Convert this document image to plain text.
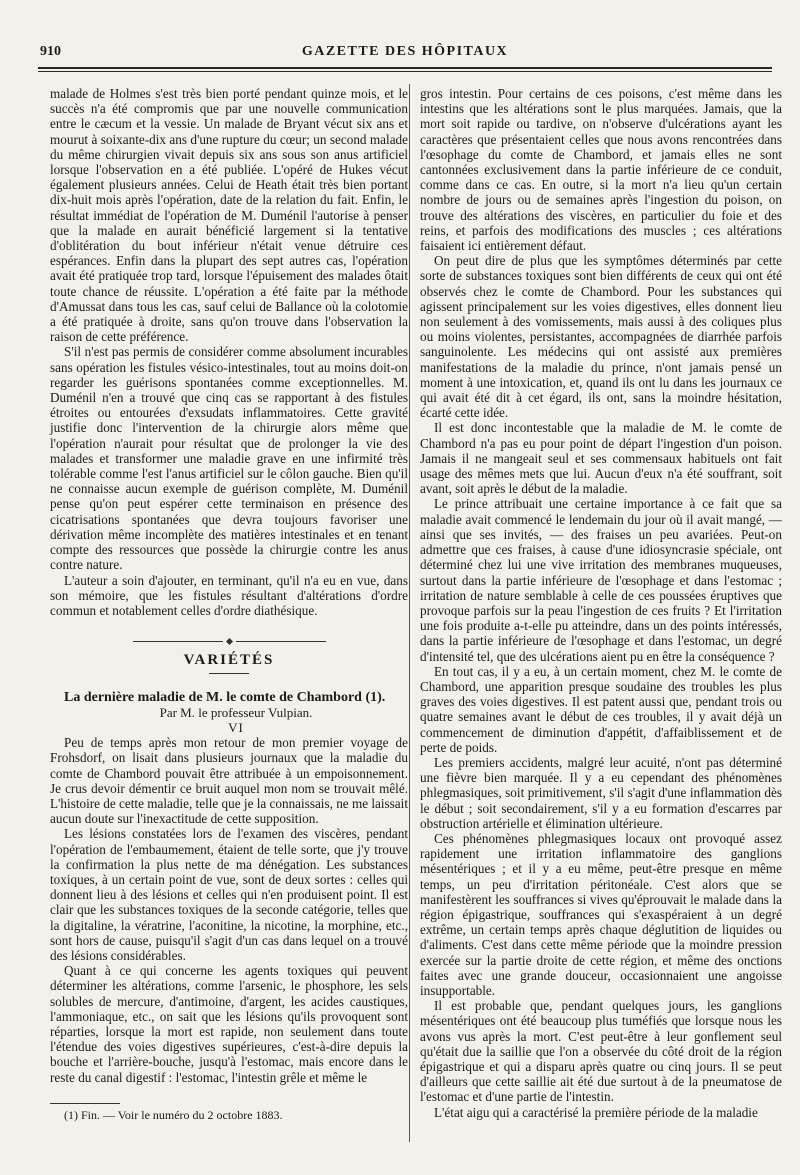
910	GAZETTE DES HÔPITAUX

malade de Holmes s'est très bien porté pendant quinze mois, et le succès n'a été compromis que par une nouvelle communication entre le cæcum et la vessie. Un malade de Bryant vécut six ans et mourut à soixante-dix ans d'une rupture du cœur; un second malade du même chirurgien vivait depuis six ans sous son anus artificiel lorsque l'observation en a été publiée. L'opéré de Hukes vécut également plusieurs années. Celui de Heath était très bien portant dix-huit mois après l'opération, date de la relation du fait. Enfin, le résultat immédiat de l'opération de M. Duménil l'autorise à penser que la malade en aurait bénéficié largement si la tentative d'oblitération du bout inférieur n'était venue détruire ces espérances. Enfin dans la plupart des sept autres cas, l'opération avait été pratiquée trop tard, lorsque l'épuisement des malades ôtait toute chance de réussite. L'opération a été faite par la méthode d'Amussat dans tous les cas, sauf celui de Ballance où la colotomie a été pratiquée à droite, sans qu'on trouve dans l'observation la raison de cette préférence.

S'il n'est pas permis de considérer comme absolument incurables sans opération les fistules vésico-intestinales, tout au moins doit-on regarder les guérisons spontanées comme exceptionnelles. M. Duménil n'en a trouvé que cinq cas se rapportant à des fistules étroites ou entourées d'exsudats inflammatoires. Cette gravité justifie donc l'intervention de la chirurgie alors même que l'opération n'aurait pour résultat que de prolonger la vie des malades et transformer une maladie grave en une infirmité très tolérable comme l'est l'anus artificiel sur le côlon gauche. Bien qu'il ne connaisse aucun exemple de guérison complète, M. Duménil pense qu'on peut espérer cette terminaison en présence des cicatrisations spontanées que devra toujours favoriser une dérivation même incomplète des matières intestinales et en tenant compte des ressources que possède la chirurgie contre les anus contre nature.

L'auteur a soin d'ajouter, en terminant, qu'il n'a eu en vue, dans son mémoire, que les fistules résultant d'altérations d'ordre commun et notablement celles d'ordre diathésique.

VARIÉTÉS

La dernière maladie de M. le comte de Chambord (1).

Par M. le professeur Vulpian.

VI

Peu de temps après mon retour de mon premier voyage de Frohsdorf, on lisait dans plusieurs journaux que la maladie du comte de Chambord pouvait être attribuée à un empoisonnement. Je crus devoir démentir ce bruit auquel mon nom se trouvait mêlé. L'histoire de cette maladie, telle que je la connaissais, ne me laissait aucun doute sur l'inexactitude de cette supposition.

Les lésions constatées lors de l'examen des viscères, pendant l'opération de l'embaumement, étaient de telle sorte, que j'y trouve la confirmation la plus nette de ma dénégation. Les substances toxiques, à un certain point de vue, sont de deux sortes : celles qui donnent lieu à des lésions et celles qui n'en produisent point. Il est clair que les substances toxiques de la seconde catégorie, telles que la digitaline, la vératrine, l'aconitine, la nicotine, la morphine, etc., sont hors de cause, puisqu'il s'agit d'un cas dans lequel on a trouvé des lésions considérables.

Quant à ce qui concerne les agents toxiques qui peuvent déterminer les altérations, comme l'arsenic, le phosphore, les sels solubles de mercure, d'antimoine, d'argent, les acides caustiques, l'ammoniaque, etc., on sait que les lésions qu'ils provoquent sont réparties, lorsque la mort est rapide, non seulement dans toute l'étendue des voies digestives supérieures, c'est-à-dire depuis la bouche et l'arrière-bouche, jusqu'à l'estomac, mais encore dans le reste du canal digestif : l'estomac, l'intestin grêle et même le

(1) Fin. — Voir le numéro du 2 octobre 1883.

gros intestin. Pour certains de ces poisons, c'est même dans les intestins que les altérations sont le plus marquées. Jamais, que la mort soit rapide ou tardive, on n'observe d'ulcérations ayant les caractères que présentaient celles que nous avons rencontrées dans l'œsophage du comte de Chambord, et jamais elles ne sont cantonnées exclusivement dans la partie inférieure de ce conduit, comme dans ce cas. En outre, si la mort n'a lieu qu'un certain nombre de jours ou de semaines après l'ingestion du poison, on trouve des altérations des viscères, en particulier du foie et des reins, et parfois des modifications des muscles ; ces altérations faisaient ici entièrement défaut.

On peut dire de plus que les symptômes déterminés par cette sorte de substances toxiques sont bien différents de ceux qui ont été observés chez le comte de Chambord. Pour les substances qui agissent principalement sur les voies digestives, elles donnent lieu non seulement à des vomissements, mais aussi à des coliques plus ou moins violentes, persistantes, accompagnées de diarrhée parfois sanguinolente. Les médecins qui ont assisté aux premières manifestations de la maladie du prince, n'ont jamais pensé un moment à une intoxication, et, quand ils ont lu dans les journaux ce qui avait été dit à cet égard, ils ont, sans la moindre hésitation, écarté cette idée.

Il est donc incontestable que la maladie de M. le comte de Chambord n'a pas eu pour point de départ l'ingestion d'un poison. Jamais il ne mangeait seul et ses commensaux habituels ont fait usage des mêmes mets que lui. Aucun d'eux n'a été souffrant, soit avant, soit après le début de la maladie.

Le prince attribuait une certaine importance à ce fait que sa maladie avait commencé le lendemain du jour où il avait mangé, — ainsi que ses invités, — des fraises un peu avariées. Peut-on admettre que ces fraises, à cause d'une idiosyncrasie spéciale, ont déterminé chez lui une vive irritation des membranes muqueuses, surtout dans la partie inférieure de l'œsophage et dans l'estomac ; irritation de nature semblable à celle de ces poussées éruptives que provoque parfois sur la peau l'ingestion de ces fruits ? Et l'irritation une fois produite a-t-elle pu atteindre, dans un des points intéressés, dans la partie inférieure de l'œsophage et dans l'estomac, un degré d'intensité tel, que des ulcérations aient pu en être la conséquence ?

En tout cas, il y a eu, à un certain moment, chez M. le comte de Chambord, une apparition presque soudaine des troubles les plus graves des voies digestives. Il est patent aussi que, pendant trois ou quatre semaines avant le début de ces troubles, il y avait déjà un commencement de diminution d'appétit, d'affaiblissement et de perte de poids.

Les premiers accidents, malgré leur acuité, n'ont pas déterminé une fièvre bien marquée. Il y a eu cependant des phénomènes phlegmasiques, soit primitivement, s'il s'agit d'une inflammation dès le début ; soit secondairement, s'il y a eu formation d'escarres par obstruction artérielle et élimination ultérieure.

Ces phénomènes phlegmasiques locaux ont provoqué assez rapidement une irritation inflammatoire des ganglions mésentériques ; et il y a eu même, peut-être presque en même temps, un peu d'irritation péritonéale. C'est alors que se manifestèrent les souffrances si vives qu'éprouvait le malade dans la région épigastrique, souffrances qui s'exaspéraient à un degré extrême, un certain temps après chaque déglutition de liquides ou d'aliments. C'est dans cette même période que la moindre pression exercée sur la partie droite de cette région, et même des onctions faites avec une grande douceur, occasionnaient une angoisse insupportable.

Il est probable que, pendant quelques jours, les ganglions mésentériques ont été beaucoup plus tuméfiés que lorsque nous les avons vus après la mort. C'est peut-être à leur gonflement seul qu'était due la saillie que l'on a observée du côté droit de la région épigastrique et qui a disparu après quatre ou cinq jours. Il se peut d'ailleurs que cette saillie ait été due surtout à de la pneumatose de l'estomac et d'une partie de l'intestin.

L'état aigu qui a caractérisé la première période de la maladie
